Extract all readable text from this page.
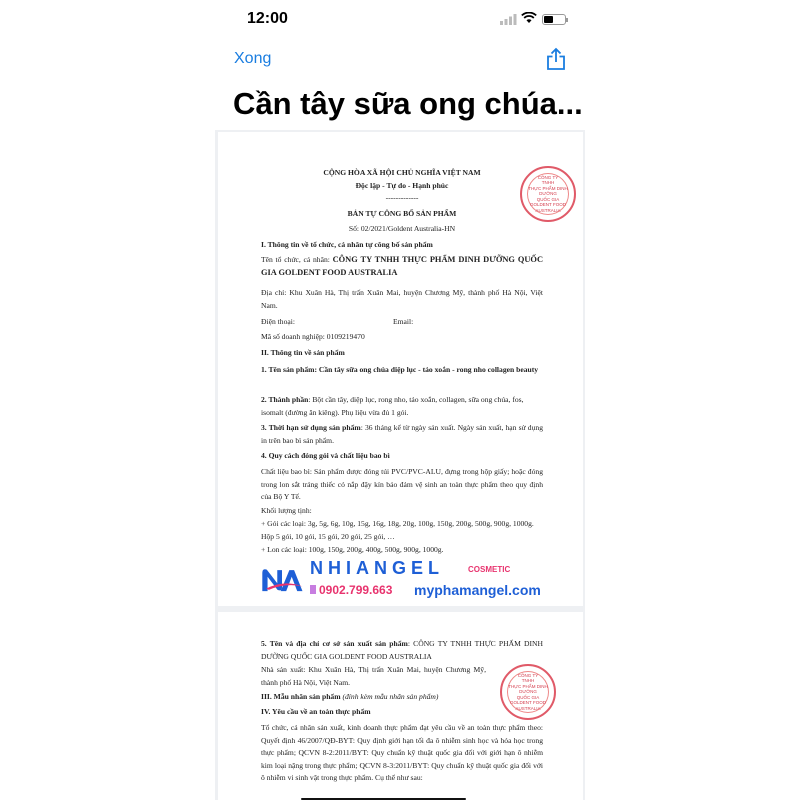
12:00
Xong
Cần tây sữa ong chúa...
CỘNG HÒA XÃ HỘI CHỦ NGHĨA VIỆT NAM
Độc lập - Tự do - Hạnh phúc
-------------
BẢN TỰ CÔNG BỐ SẢN PHẨM
Số: 02/2021/Goldent Australia-HN
I. Thông tin về tổ chức, cá nhân tự công bố sản phẩm
Tên tổ chức, cá nhân: CÔNG TY TNHH THỰC PHẨM DINH DƯỠNG QUỐC GIA GOLDENT FOOD AUSTRALIA
Địa chỉ: Khu Xuân Hà, Thị trấn Xuân Mai, huyện Chương Mỹ, thành phố Hà Nội, Việt Nam.
Điện thoại:	Email:
Mã số doanh nghiệp: 0109219470
II. Thông tin về sản phẩm
1. Tên sản phẩm: Cần tây sữa ong chúa diệp lục - tảo xoắn - rong nho collagen beauty
2. Thành phần: Bột cần tây, diệp lục, rong nho, tảo xoắn, collagen, sữa ong chúa, fos, isomalt (đường ăn kiêng). Phụ liệu vừa đủ 1 gói.
3. Thời hạn sử dụng sản phẩm: 36 tháng kể từ ngày sản xuất. Ngày sản xuất, hạn sử dụng in trên bao bì sản phẩm.
4. Quy cách đóng gói và chất liệu bao bì
Chất liệu bao bì: Sản phẩm được đóng túi PVC/PVC-ALU, đựng trong hộp giấy; hoặc đóng trong lon sắt tráng thiếc có nắp đậy kín bảo đảm vệ sinh an toàn thực phẩm theo quy định của Bộ Y Tế.
Khối lượng tịnh:
+ Gói các loại: 3g, 5g, 6g, 10g, 15g, 16g, 18g, 20g, 100g, 150g, 200g, 500g, 900g, 1000g.
Hộp 5 gói, 10 gói, 15 gói, 20 gói, 25 gói, …
+ Lon các loại: 100g, 150g, 200g, 400g, 500g, 900g, 1000g.
CÔNG TY
TNHH
THỰC PHẨM DINH DƯỠNG
QUỐC GIA
GOLDENT FOOD
AUSTRALIA
NHIANGEL	COSMETIC
0902.799.663 myphamangel.com
5. Tên và địa chỉ cơ sở sản xuất sản phẩm: CÔNG TY TNHH THỰC PHẨM DINH DƯỠNG QUỐC GIA GOLDENT FOOD AUSTRALIA
Nhà sản xuất: Khu Xuân Hà, Thị trấn Xuân Mai, huyện Chương Mỹ, thành phố Hà Nội, Việt Nam.
III. Mẫu nhãn sản phẩm (đính kèm mẫu nhãn sản phẩm)
IV. Yêu cầu về an toàn thực phẩm
Tổ chức, cá nhân sản xuất, kinh doanh thực phẩm đạt yêu cầu về an toàn thực phẩm theo: Quyết định 46/2007/QĐ-BYT: Quy định giới hạn tối đa ô nhiễm sinh học và hóa học trong thực phẩm; QCVN 8-2:2011/BYT: Quy chuẩn kỹ thuật quốc gia đối với giới hạn ô nhiễm kim loại nặng trong thực phẩm; QCVN 8-3:2011/BYT: Quy chuẩn kỹ thuật quốc gia đối với ô nhiễm vi sinh vật trong thực phẩm. Cụ thể như sau:
CÔNG TY
TNHH
THỰC PHẨM DINH DƯỠNG
QUỐC GIA
GOLDENT FOOD
AUSTRALIA
